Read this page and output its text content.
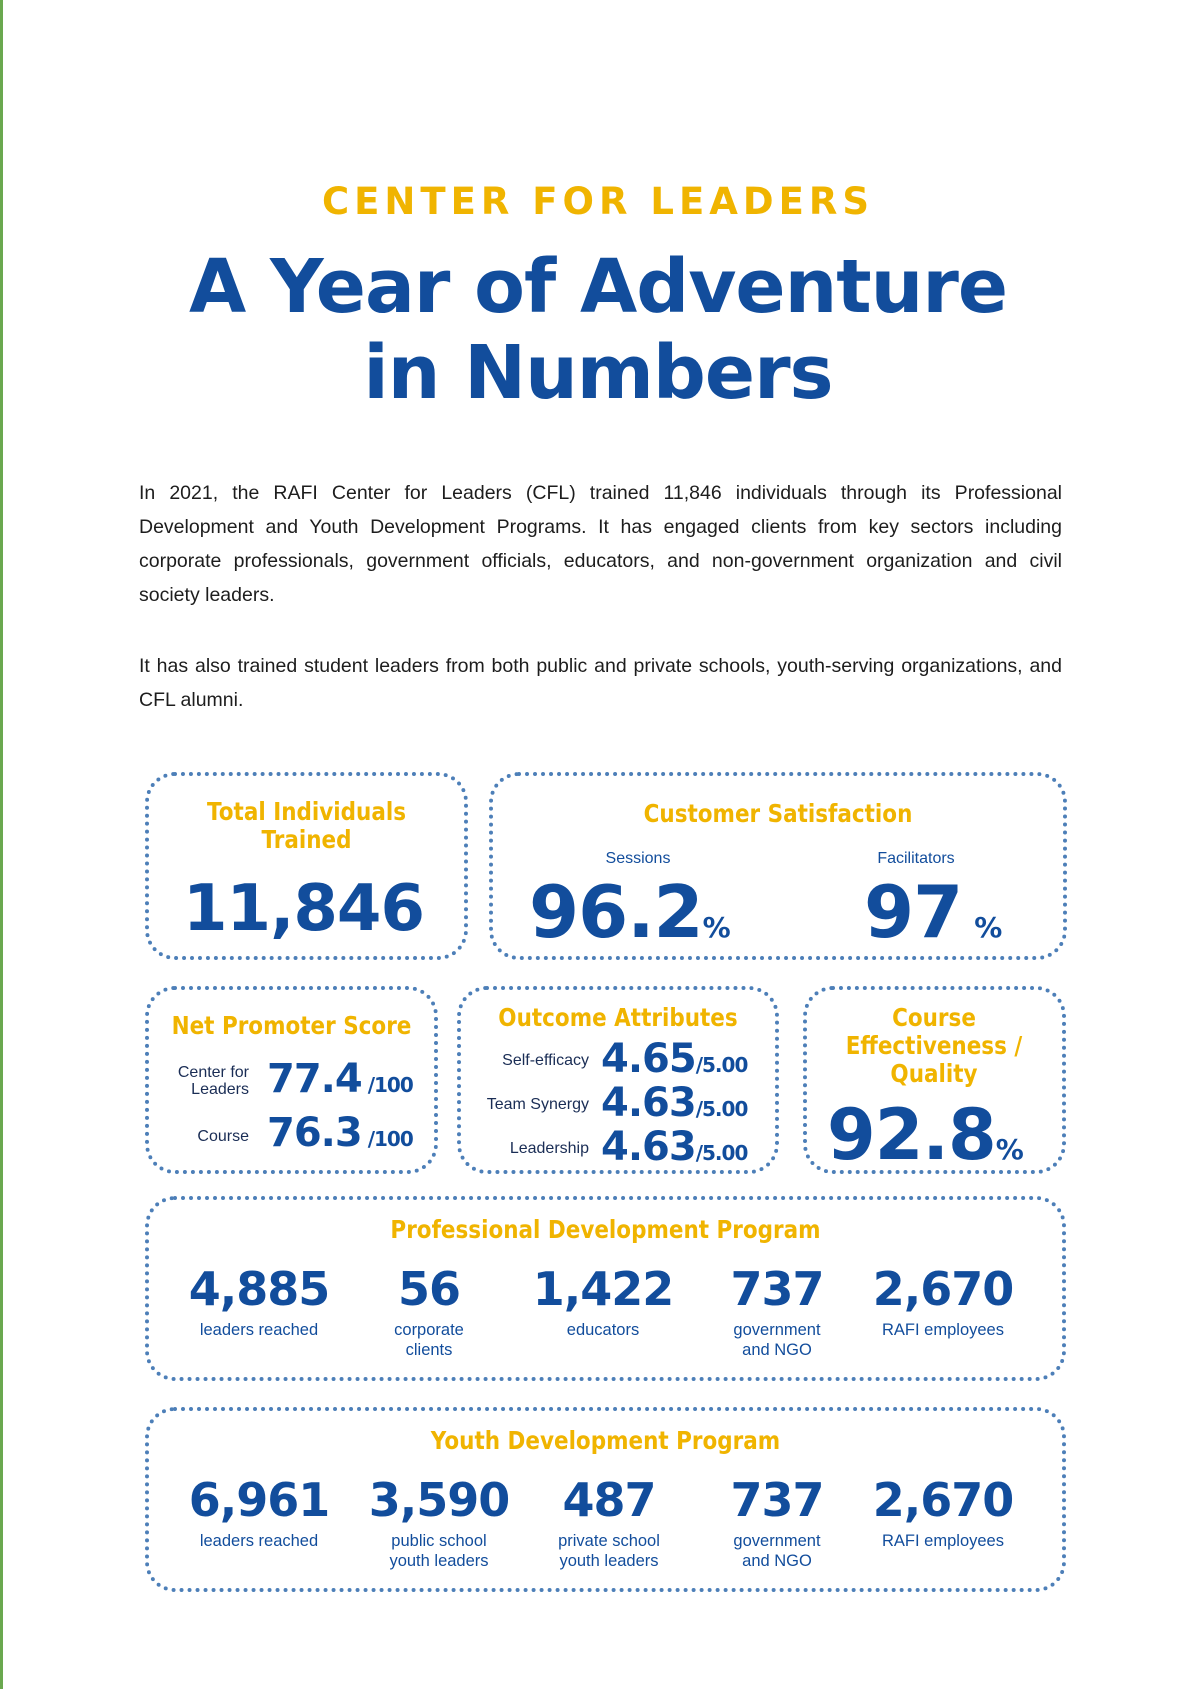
CENTER FOR LEADERS
A Year of Adventure
in Numbers

In 2021, the RAFI Center for Leaders (CFL) trained 11,846 individuals through its Professional Development and Youth Development Programs. It has engaged clients from key sectors including corporate professionals, government officials, educators, and non-government organization and civil society leaders.

It has also trained student leaders from both public and private schools, youth-serving organizations, and CFL alumni.

Total Individuals
Trained
11,846
Customer Satisfaction
Sessions	Facilitators
96.2% 97 %
Net Promoter Score
Center for
Leaders 77.4 /100
Course 76.3 /100
Outcome Attributes
Self-efficacy 4.65/5.00
Team Synergy 4.63/5.00
Leadership 4.63/5.00
Course
Effectiveness /
Quality
92.8%
Professional Development Program
4,885
leaders reached
56
corporate
clients
1,422
educators
737
government
and NGO
2,670
RAFI employees
Youth Development Program
6,961
leaders reached
3,590
public school
youth leaders
487
private school
youth leaders
737
government
and NGO
2,670
RAFI employees
